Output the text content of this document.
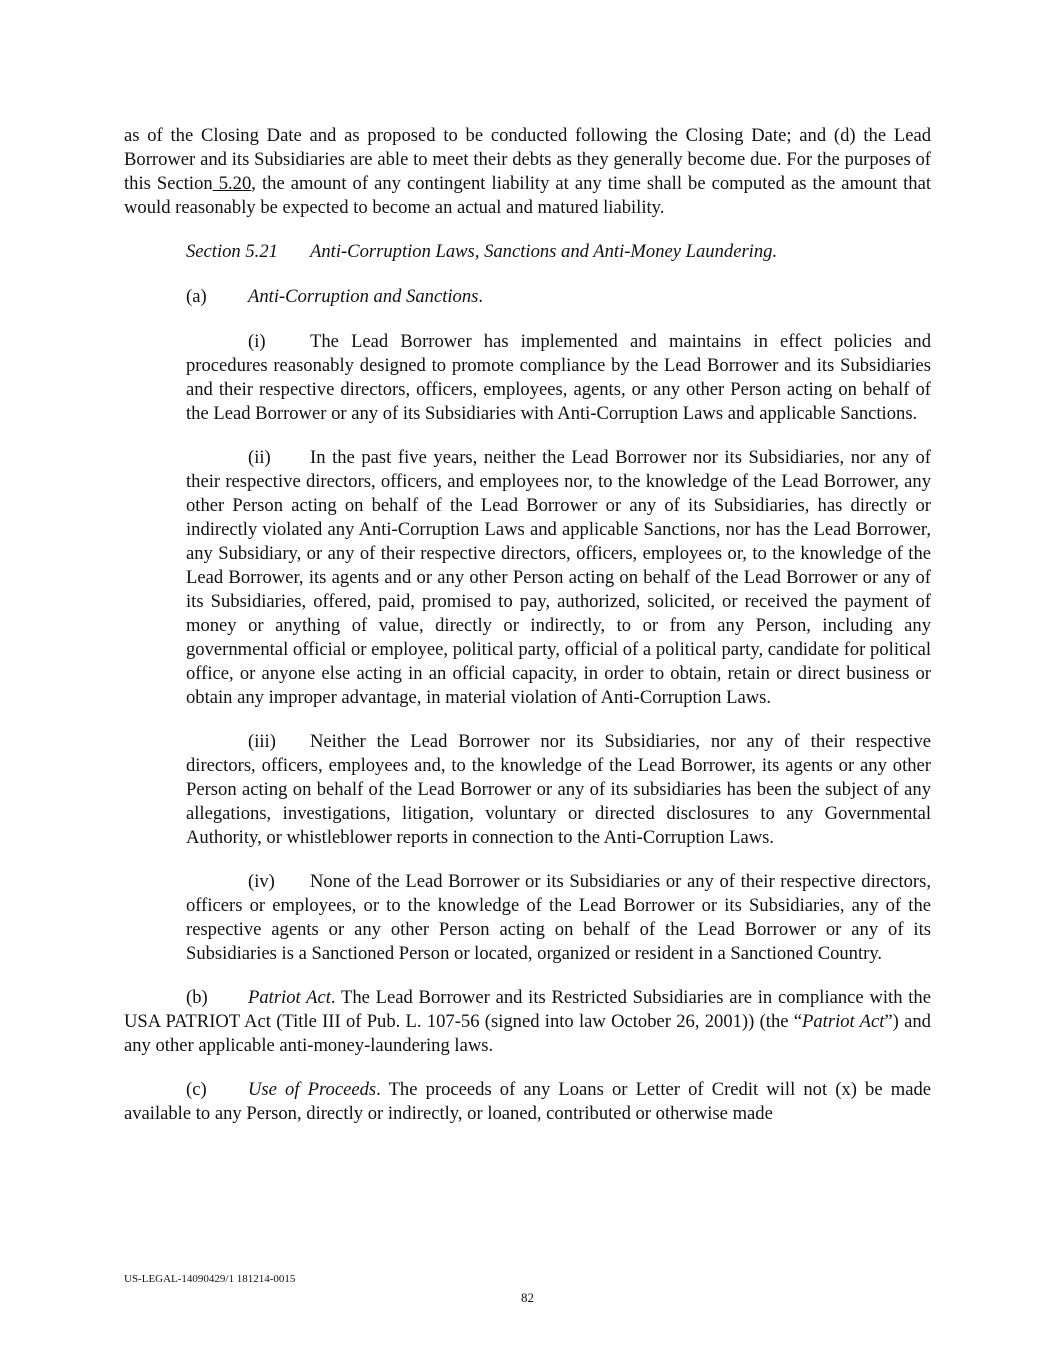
as of the Closing Date and as proposed to be conducted following the Closing Date; and (d) the Lead Borrower and its Subsidiaries are able to meet their debts as they generally become due. For the purposes of this Section 5.20, the amount of any contingent liability at any time shall be computed as the amount that would reasonably be expected to become an actual and matured liability.

Section 5.21 Anti-Corruption Laws, Sanctions and Anti-Money Laundering.

(a) Anti-Corruption and Sanctions.

(i) The Lead Borrower has implemented and maintains in effect policies and procedures reasonably designed to promote compliance by the Lead Borrower and its Subsidiaries and their respective directors, officers, employees, agents, or any other Person acting on behalf of the Lead Borrower or any of its Subsidiaries with Anti-Corruption Laws and applicable Sanctions.

(ii) In the past five years, neither the Lead Borrower nor its Subsidiaries, nor any of their respective directors, officers, and employees nor, to the knowledge of the Lead Borrower, any other Person acting on behalf of the Lead Borrower or any of its Subsidiaries, has directly or indirectly violated any Anti-Corruption Laws and applicable Sanctions, nor has the Lead Borrower, any Subsidiary, or any of their respective directors, officers, employees or, to the knowledge of the Lead Borrower, its agents and or any other Person acting on behalf of the Lead Borrower or any of its Subsidiaries, offered, paid, promised to pay, authorized, solicited, or received the payment of money or anything of value, directly or indirectly, to or from any Person, including any governmental official or employee, political party, official of a political party, candidate for political office, or anyone else acting in an official capacity, in order to obtain, retain or direct business or obtain any improper advantage, in material violation of Anti-Corruption Laws.

(iii) Neither the Lead Borrower nor its Subsidiaries, nor any of their respective directors, officers, employees and, to the knowledge of the Lead Borrower, its agents or any other Person acting on behalf of the Lead Borrower or any of its subsidiaries has been the subject of any allegations, investigations, litigation, voluntary or directed disclosures to any Governmental Authority, or whistleblower reports in connection to the Anti-Corruption Laws.

(iv) None of the Lead Borrower or its Subsidiaries or any of their respective directors, officers or employees, or to the knowledge of the Lead Borrower or its Subsidiaries, any of the respective agents or any other Person acting on behalf of the Lead Borrower or any of its Subsidiaries is a Sanctioned Person or located, organized or resident in a Sanctioned Country.

(b) Patriot Act. The Lead Borrower and its Restricted Subsidiaries are in compliance with the USA PATRIOT Act (Title III of Pub. L. 107-56 (signed into law October 26, 2001)) (the “Patriot Act”) and any other applicable anti-money-laundering laws.

(c) Use of Proceeds. The proceeds of any Loans or Letter of Credit will not (x) be made available to any Person, directly or indirectly, or loaned, contributed or otherwise made

US-LEGAL-14090429/1 181214-0015
82
